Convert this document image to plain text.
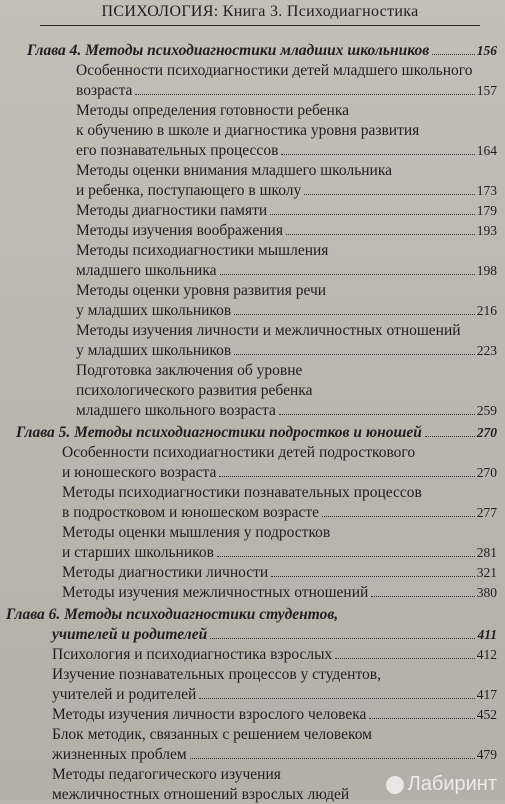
ПСИХОЛОГИЯ: Книга 3. Психодиагностика
Глава 4. Методы психодиагностики младших школьников	156
Особенности психодиагностики детей младшего школьного
возраста	157
Методы определения готовности ребенка
к обучению в школе и диагностика уровня развития
его познавательных процессов	164
Методы оценки внимания младшего школьника
и ребенка, поступающего в школу	173
Методы диагностики памяти	179
Методы изучения воображения	193
Методы психодиагностики мышления
младшего школьника	198
Методы оценки уровня развития речи
у младших школьников	216
Методы изучения личности и межличностных отношений
у младших школьников	223
Подготовка заключения об уровне
психологического развития ребенка
младшего школьного возраста	259
Глава 5. Методы психодиагностики подростков и юношей	270
Особенности психодиагностики детей подросткового
и юношеского возраста	270
Методы психодиагностики познавательных процессов
в подростковом и юношеском возрасте	277
Методы оценки мышления у подростков
и старших школьников	281
Методы диагностики личности	321
Методы изучения межличностных отношений	380
Глава 6. Методы психодиагностики студентов,
учителей и родителей	411
Психология и психодиагностика взрослых	412
Изучение познавательных процессов у студентов,
учителей и родителей	417
Методы изучения личности взрослого человека	452
Блок методик, связанных с решением человеком
жизненных проблем	479
Методы педагогического изучения
межличностных отношений взрослых людей	Лабиринт
